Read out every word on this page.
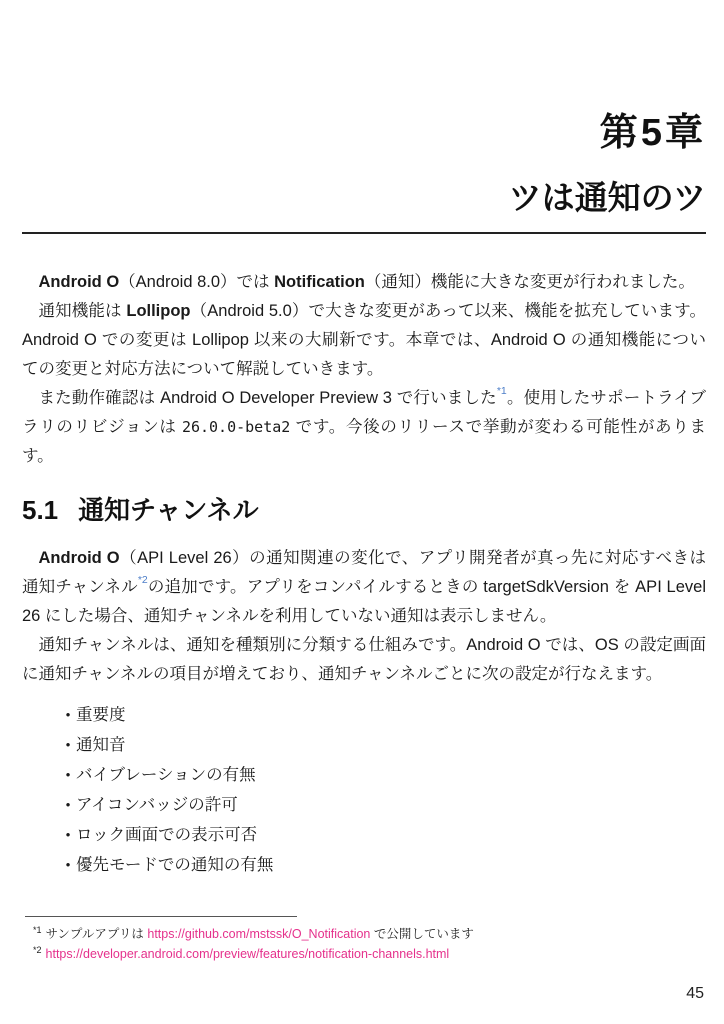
第5章
ツは通知のツ

Android O（Android 8.0）では Notification（通知）機能に大きな変更が行われました。

通知機能は Lollipop（Android 5.0）で大きな変更があって以来、機能を拡充しています。Android O での変更は Lollipop 以来の大刷新です。本章では、Android O の通知機能についての変更と対応方法について解説していきます。

また動作確認は Android O Developer Preview 3 で行いました$^{*1}$。使用したサポートライブラリのリビジョンは 26.0.0-beta2 です。今後のリリースで挙動が変わる可能性があります。

5.1 通知チャンネル

Android O（API Level 26）の通知関連の変化で、アプリ開発者が真っ先に対応すべきは通知チャンネル$^{*2}$の追加です。アプリをコンパイルするときの targetSdkVersion を API Level 26 にした場合、通知チャンネルを利用していない通知は表示しません。

通知チャンネルは、通知を種類別に分類する仕組みです。Android O では、OS の設定画面に通知チャンネルの項目が増えており、通知チャンネルごとに次の設定が行なえます。

• 重要度
• 通知音
• バイブレーションの有無
• アイコンバッジの許可
• ロック画面での表示可否
• 優先モードでの通知の有無
$^{*1}$ サンプルアプリは https://github.com/mstssk/O_Notification で公開しています
$^{*2}$ https://developer.android.com/preview/features/notification-channels.html
45
